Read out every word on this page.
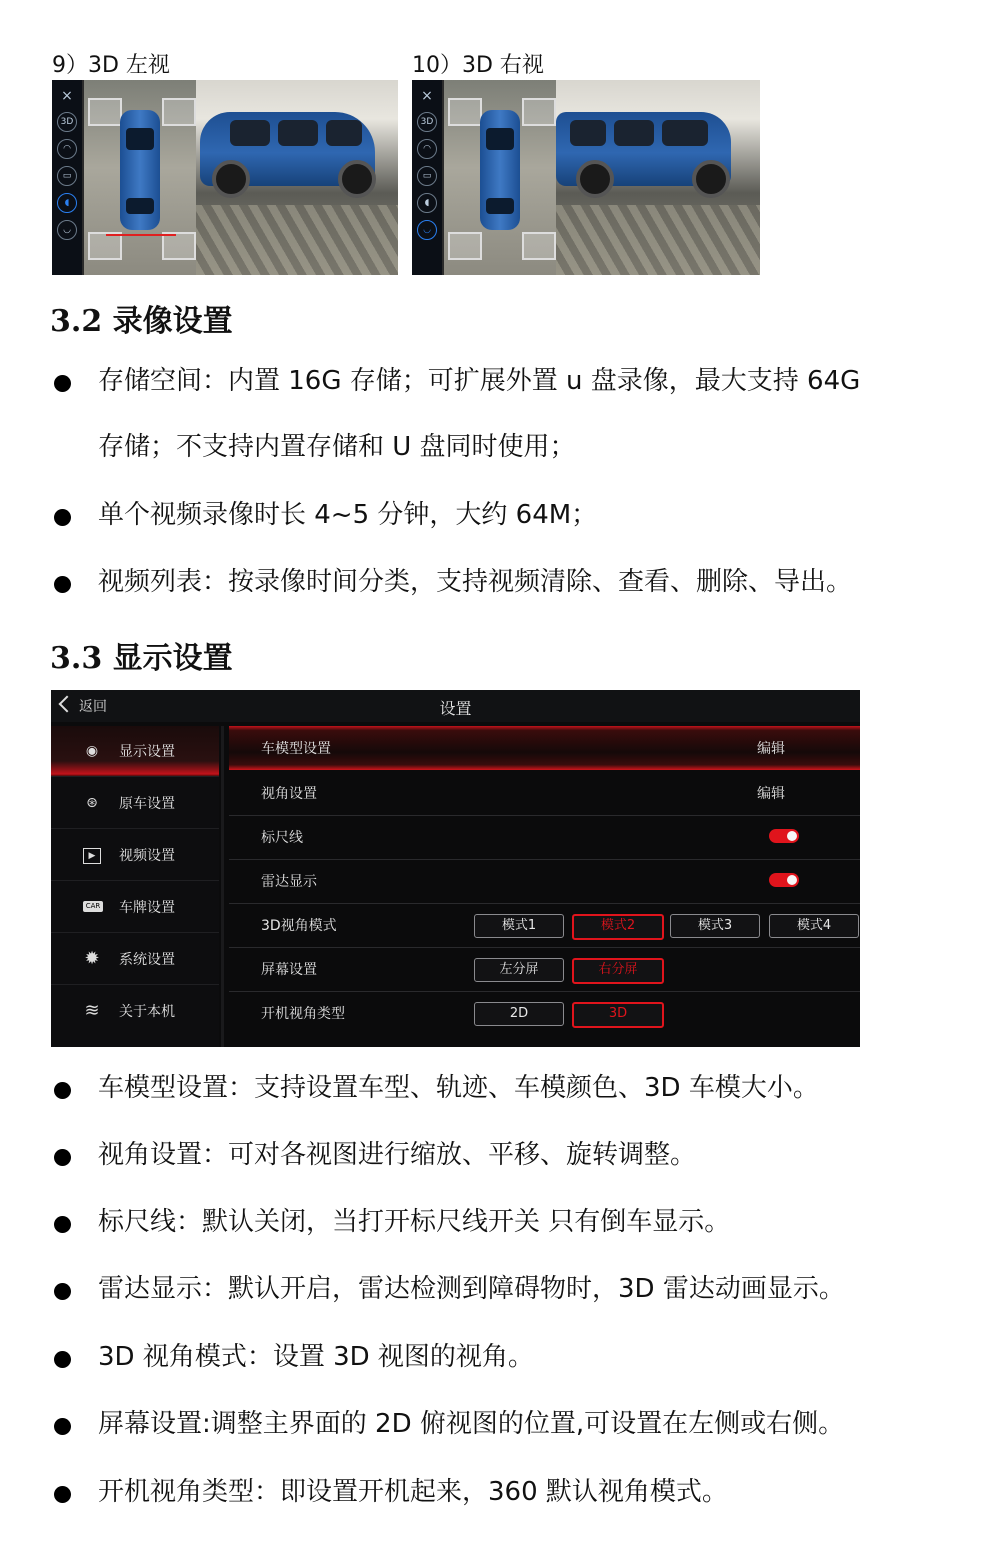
9）3D 左视	10）3D 右视
×
3D
◠
▭
◖
◡
×
3D
◠
▭
◖
◡
3.2 录像设置
存储空间：内置 16G 存储；可扩展外置 u 盘录像，最大支持 64G
存储；不支持内置存储和 U 盘同时使用；
单个视频录像时长 4~5 分钟，大约 64M；
视频列表：按录像时间分类，支持视频清除、查看、删除、导出。
3.3 显示设置
返回	设置
◉ 显示设置
⊛ 原车设置
▶	视频设置
CAR 车牌设置
✹ 系统设置
≋ 关于本机
车模型设置	编辑
视角设置	编辑
标尺线
雷达显示
3D视角模式	模式1	模式2	模式3	模式4
屏幕设置	左分屏	右分屏
开机视角类型	2D	3D
车模型设置：支持设置车型、轨迹、车模颜色、3D 车模大小。
视角设置：可对各视图进行缩放、平移、旋转调整。
标尺线：默认关闭，当打开标尺线开关 只有倒车显示。
雷达显示：默认开启，雷达检测到障碍物时，3D 雷达动画显示。
3D 视角模式：设置 3D 视图的视角。
屏幕设置:调整主界面的 2D 俯视图的位置,可设置在左侧或右侧。
开机视角类型：即设置开机起来，360 默认视角模式。
